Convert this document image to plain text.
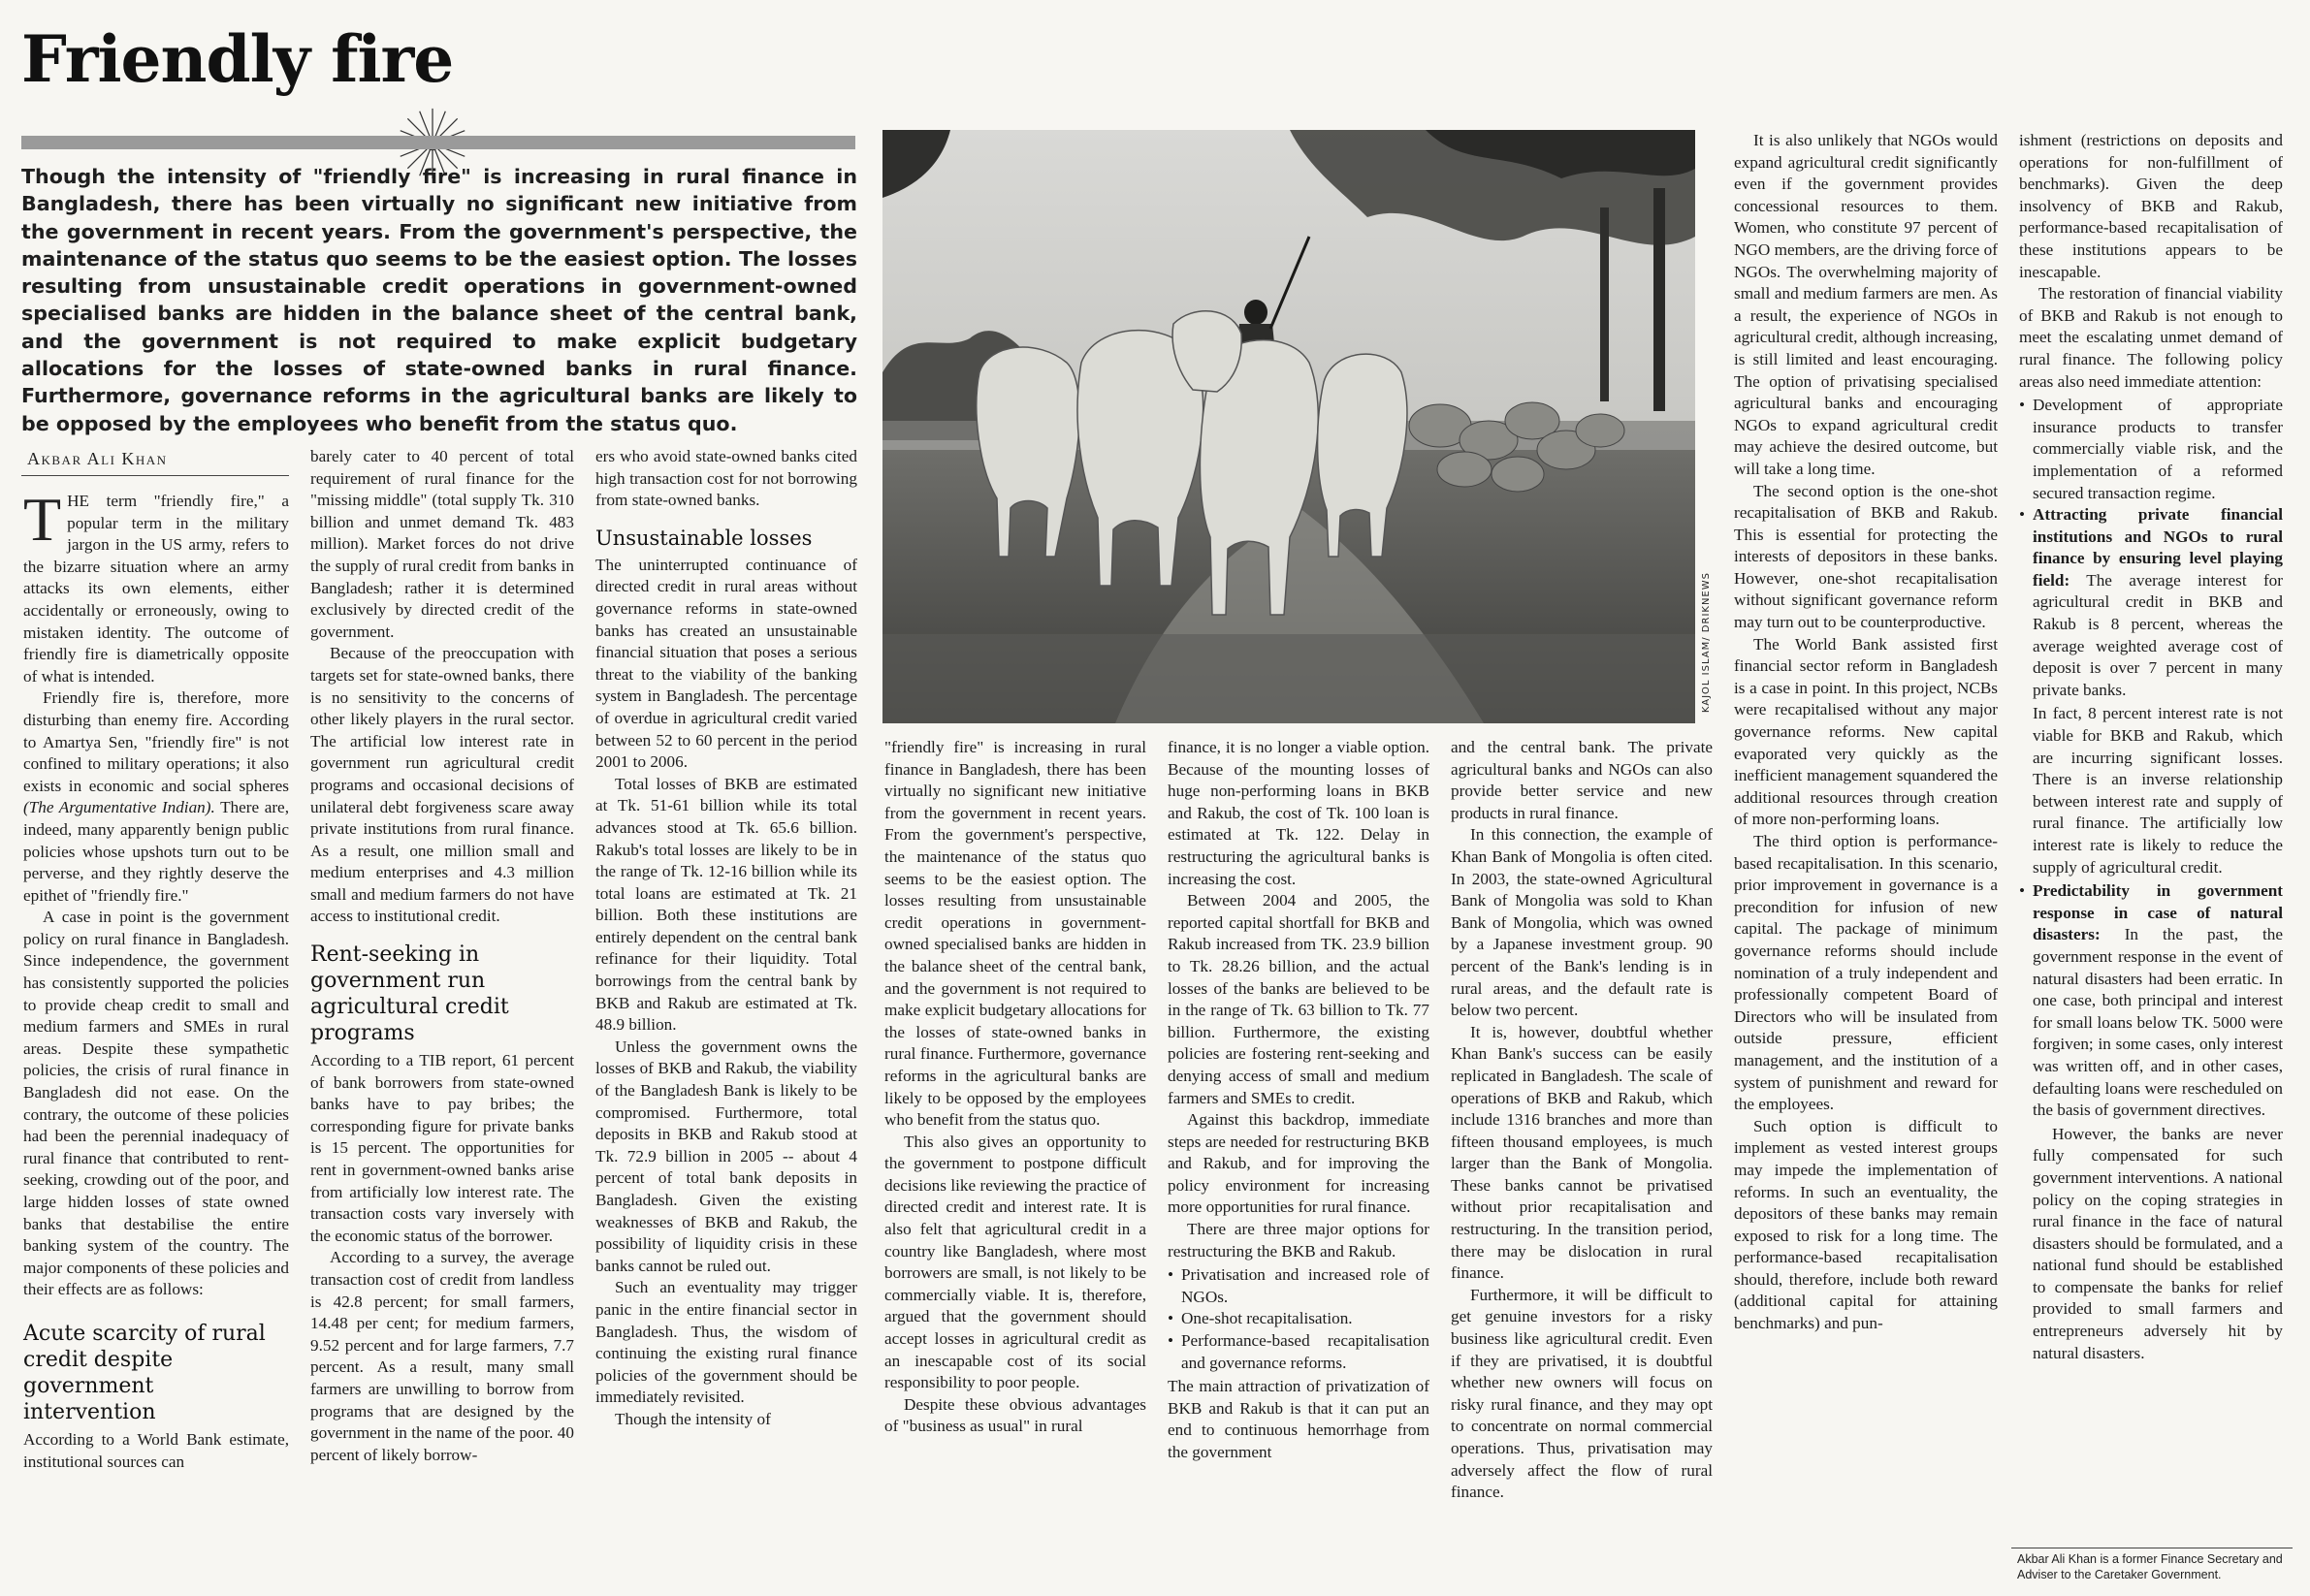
Friendly fire

Though the intensity of "friendly fire" is increasing in rural finance in Bangladesh, there has been virtually no significant new initiative from the government in recent years. From the government's perspective, the maintenance of the status quo seems to be the easiest option. The losses resulting from unsustainable credit operations in government-owned specialised banks are hidden in the balance sheet of the central bank, and the government is not required to make explicit budgetary allocations for the losses of state-owned banks in rural finance. Furthermore, governance reforms in the agricultural banks are likely to be opposed by the employees who benefit from the status quo.

Akbar Ali Khan

THE term "friendly fire," a popular term in the military jargon in the US army, refers to the bizarre situation where an army attacks its own elements, either accidentally or erroneously, owing to mistaken identity. The outcome of friendly fire is diametrically opposite of what is intended.

Friendly fire is, therefore, more disturbing than enemy fire. According to Amartya Sen, "friendly fire" is not confined to military operations; it also exists in economic and social spheres (The Argumentative Indian). There are, indeed, many apparently benign public policies whose upshots turn out to be perverse, and they rightly deserve the epithet of "friendly fire."

A case in point is the government policy on rural finance in Bangladesh. Since independence, the government has consistently supported the policies to provide cheap credit to small and medium farmers and SMEs in rural areas. Despite these sympathetic policies, the crisis of rural finance in Bangladesh did not ease. On the contrary, the outcome of these policies had been the perennial inadequacy of rural finance that contributed to rent-seeking, crowding out of the poor, and large hidden losses of state owned banks that destabilise the entire banking system of the country. The major components of these policies and their effects are as follows:

Acute scarcity of rural credit despite government intervention

According to a World Bank estimate, institutional sources can

barely cater to 40 percent of total requirement of rural finance for the "missing middle" (total supply Tk. 310 billion and unmet demand Tk. 483 million). Market forces do not drive the supply of rural credit from banks in Bangladesh; rather it is determined exclusively by directed credit of the government.

Because of the preoccupation with targets set for state-owned banks, there is no sensitivity to the concerns of other likely players in the rural sector. The artificial low interest rate in government run agricultural credit programs and occasional decisions of unilateral debt forgiveness scare away private institutions from rural finance. As a result, one million small and medium enterprises and 4.3 million small and medium farmers do not have access to institutional credit.

Rent-seeking in government run agricultural credit programs

According to a TIB report, 61 percent of bank borrowers from state-owned banks have to pay bribes; the corresponding figure for private banks is 15 percent. The opportunities for rent in government-owned banks arise from artificially low interest rate. The transaction costs vary inversely with the economic status of the borrower.

According to a survey, the average transaction cost of credit from landless is 42.8 percent; for small farmers, 14.48 per cent; for medium farmers, 9.52 percent and for large farmers, 7.7 percent. As a result, many small farmers are unwilling to borrow from programs that are designed by the government in the name of the poor. 40 percent of likely borrow-

ers who avoid state-owned banks cited high transaction cost for not borrowing from state-owned banks.

Unsustainable losses

The uninterrupted continuance of directed credit in rural areas without governance reforms in state-owned banks has created an unsustainable financial situation that poses a serious threat to the viability of the banking system in Bangladesh. The percentage of overdue in agricultural credit varied between 52 to 60 percent in the period 2001 to 2006.

Total losses of BKB are estimated at Tk. 51-61 billion while its total advances stood at Tk. 65.6 billion. Rakub's total losses are likely to be in the range of Tk. 12-16 billion while its total loans are estimated at Tk. 21 billion. Both these institutions are entirely dependent on the central bank refinance for their liquidity. Total borrowings from the central bank by BKB and Rakub are estimated at Tk. 48.9 billion.

Unless the government owns the losses of BKB and Rakub, the viability of the Bangladesh Bank is likely to be compromised. Furthermore, total deposits in BKB and Rakub stood at Tk. 72.9 billion in 2005 -- about 4 percent of total bank deposits in Bangladesh. Given the existing weaknesses of BKB and Rakub, the possibility of liquidity crisis in these banks cannot be ruled out.

Such an eventuality may trigger panic in the entire financial sector in Bangladesh. Thus, the wisdom of continuing the existing rural finance policies of the government should be immediately revisited.

Though the intensity of

KAJOL ISLAM/ DRIKNEWS

"friendly fire" is increasing in rural finance in Bangladesh, there has been virtually no significant new initiative from the government in recent years. From the government's perspective, the maintenance of the status quo seems to be the easiest option. The losses resulting from unsustainable credit operations in government-owned specialised banks are hidden in the balance sheet of the central bank, and the government is not required to make explicit budgetary allocations for the losses of state-owned banks in rural finance. Furthermore, governance reforms in the agricultural banks are likely to be opposed by the employees who benefit from the status quo.

This also gives an opportunity to the government to postpone difficult decisions like reviewing the practice of directed credit and interest rate. It is also felt that agricultural credit in a country like Bangladesh, where most borrowers are small, is not likely to be commercially viable. It is, therefore, argued that the government should accept losses in agricultural credit as an inescapable cost of its social responsibility to poor people.

Despite these obvious advantages of "business as usual" in rural

finance, it is no longer a viable option. Because of the mounting losses of huge non-performing loans in BKB and Rakub, the cost of Tk. 100 loan is estimated at Tk. 122. Delay in restructuring the agricultural banks is increasing the cost.

Between 2004 and 2005, the reported capital shortfall for BKB and Rakub increased from TK. 23.9 billion to Tk. 28.26 billion, and the actual losses of the banks are believed to be in the range of Tk. 63 billion to Tk. 77 billion. Furthermore, the existing policies are fostering rent-seeking and denying access of small and medium farmers and SMEs to credit.

Against this backdrop, immediate steps are needed for restructuring BKB and Rakub, and for improving the policy environment for increasing more opportunities for rural finance.

There are three major options for restructuring the BKB and Rakub.

• Privatisation and increased role of NGOs.
• One-shot recapitalisation.
• Performance-based recapitalisation and governance reforms.

The main attraction of privatization of BKB and Rakub is that it can put an end to continuous hemorrhage from the government

and the central bank. The private agricultural banks and NGOs can also provide better service and new products in rural finance.

In this connection, the example of Khan Bank of Mongolia is often cited. In 2003, the state-owned Agricultural Bank of Mongolia was sold to Khan Bank of Mongolia, which was owned by a Japanese investment group. 90 percent of the Bank's lending is in rural areas, and the default rate is below two percent.

It is, however, doubtful whether Khan Bank's success can be easily replicated in Bangladesh. The scale of operations of BKB and Rakub, which include 1316 branches and more than fifteen thousand employees, is much larger than the Bank of Mongolia. These banks cannot be privatised without prior recapitalisation and restructuring. In the transition period, there may be dislocation in rural finance.

Furthermore, it will be difficult to get genuine investors for a risky business like agricultural credit. Even if they are privatised, it is doubtful whether new owners will focus on risky rural finance, and they may opt to concentrate on normal commercial operations. Thus, privatisation may adversely affect the flow of rural finance.

It is also unlikely that NGOs would expand agricultural credit significantly even if the government provides concessional resources to them. Women, who constitute 97 percent of NGO members, are the driving force of NGOs. The overwhelming majority of small and medium farmers are men. As a result, the experience of NGOs in agricultural credit, although increasing, is still limited and least encouraging. The option of privatising specialised agricultural banks and encouraging NGOs to expand agricultural credit may achieve the desired outcome, but will take a long time.

The second option is the one-shot recapitalisation of BKB and Rakub. This is essential for protecting the interests of depositors in these banks. However, one-shot recapitalisation without significant governance reform may turn out to be counterproductive.

The World Bank assisted first financial sector reform in Bangladesh is a case in point. In this project, NCBs were recapitalised without any major governance reforms. New capital evaporated very quickly as the inefficient management squandered the additional resources through creation of more non-performing loans.

The third option is performance-based recapitalisation. In this scenario, prior improvement in governance is a precondition for infusion of new capital. The package of minimum governance reforms should include nomination of a truly independent and professionally competent Board of Directors who will be insulated from outside pressure, efficient management, and the institution of a system of punishment and reward for the employees.

Such option is difficult to implement as vested interest groups may impede the implementation of reforms. In such an eventuality, the depositors of these banks may remain exposed to risk for a long time. The performance-based recapitalisation should, therefore, include both reward (additional capital for attaining benchmarks) and pun-

ishment (restrictions on deposits and operations for non-fulfillment of benchmarks). Given the deep insolvency of BKB and Rakub, performance-based recapitalisation of these institutions appears to be inescapable.

The restoration of financial viability of BKB and Rakub is not enough to meet the escalating unmet demand of rural finance. The following policy areas also need immediate attention:

• Development of appropriate insurance products to transfer commercially viable risk, and the implementation of a reformed secured transaction regime.
• Attracting private financial institutions and NGOs to rural finance by ensuring level playing field: The average interest for agricultural credit in BKB and Rakub is 8 percent, whereas the average weighted average cost of deposit is over 7 percent in many private banks.

In fact, 8 percent interest rate is not viable for BKB and Rakub, which are incurring significant losses. There is an inverse relationship between interest rate and supply of rural finance. The artificially low interest rate is likely to reduce the supply of agricultural credit.

• Predictability in government response in case of natural disasters: In the past, the government response in the event of natural disasters had been erratic. In one case, both principal and interest for small loans below TK. 5000 were forgiven; in some cases, only interest was written off, and in other cases, defaulting loans were rescheduled on the basis of government directives.

However, the banks are never fully compensated for such government interventions. A national policy on the coping strategies in rural finance in the face of natural disasters should be formulated, and a national fund should be established to compensate the banks for relief provided to small farmers and entrepreneurs adversely hit by natural disasters.

Akbar Ali Khan is a former Finance Secretary and Adviser to the Caretaker Government.
